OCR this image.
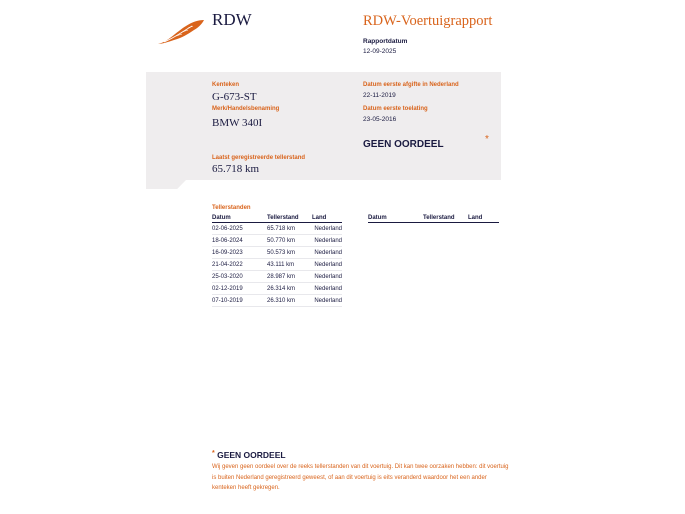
RDW	RDW-Voertuigrapport
Rapportdatum
12-09-2025
Kenteken
G-673-ST
Merk/Handelsbenaming
BMW 340I
Datum eerste afgifte in Nederland
22-11-2019
Datum eerste toelating
23-05-2016
GEEN OORDEEL	*
Laatst geregistreerde tellerstand
65.718 km
Tellerstanden
Datum	Tellerstand	Land
02-06-2025	65.718 km	Nederland
18-06-2024	50.770 km	Nederland
16-09-2023	50.573 km	Nederland
21-04-2022	43.111 km	Nederland
25-03-2020	28.987 km	Nederland
02-12-2019	26.314 km	Nederland
07-10-2019	26.310 km	Nederland
Datum	Tellerstand	Land
* GEEN OORDEEL
Wij geven geen oordeel over de reeks tellerstanden van dit voertuig. Dit kan twee oorzaken hebben: dit voertuig is buiten Nederland geregistreerd geweest, of aan dit voertuig is eits veranderd waardoor het een ander kenteken heeft gekregen.
